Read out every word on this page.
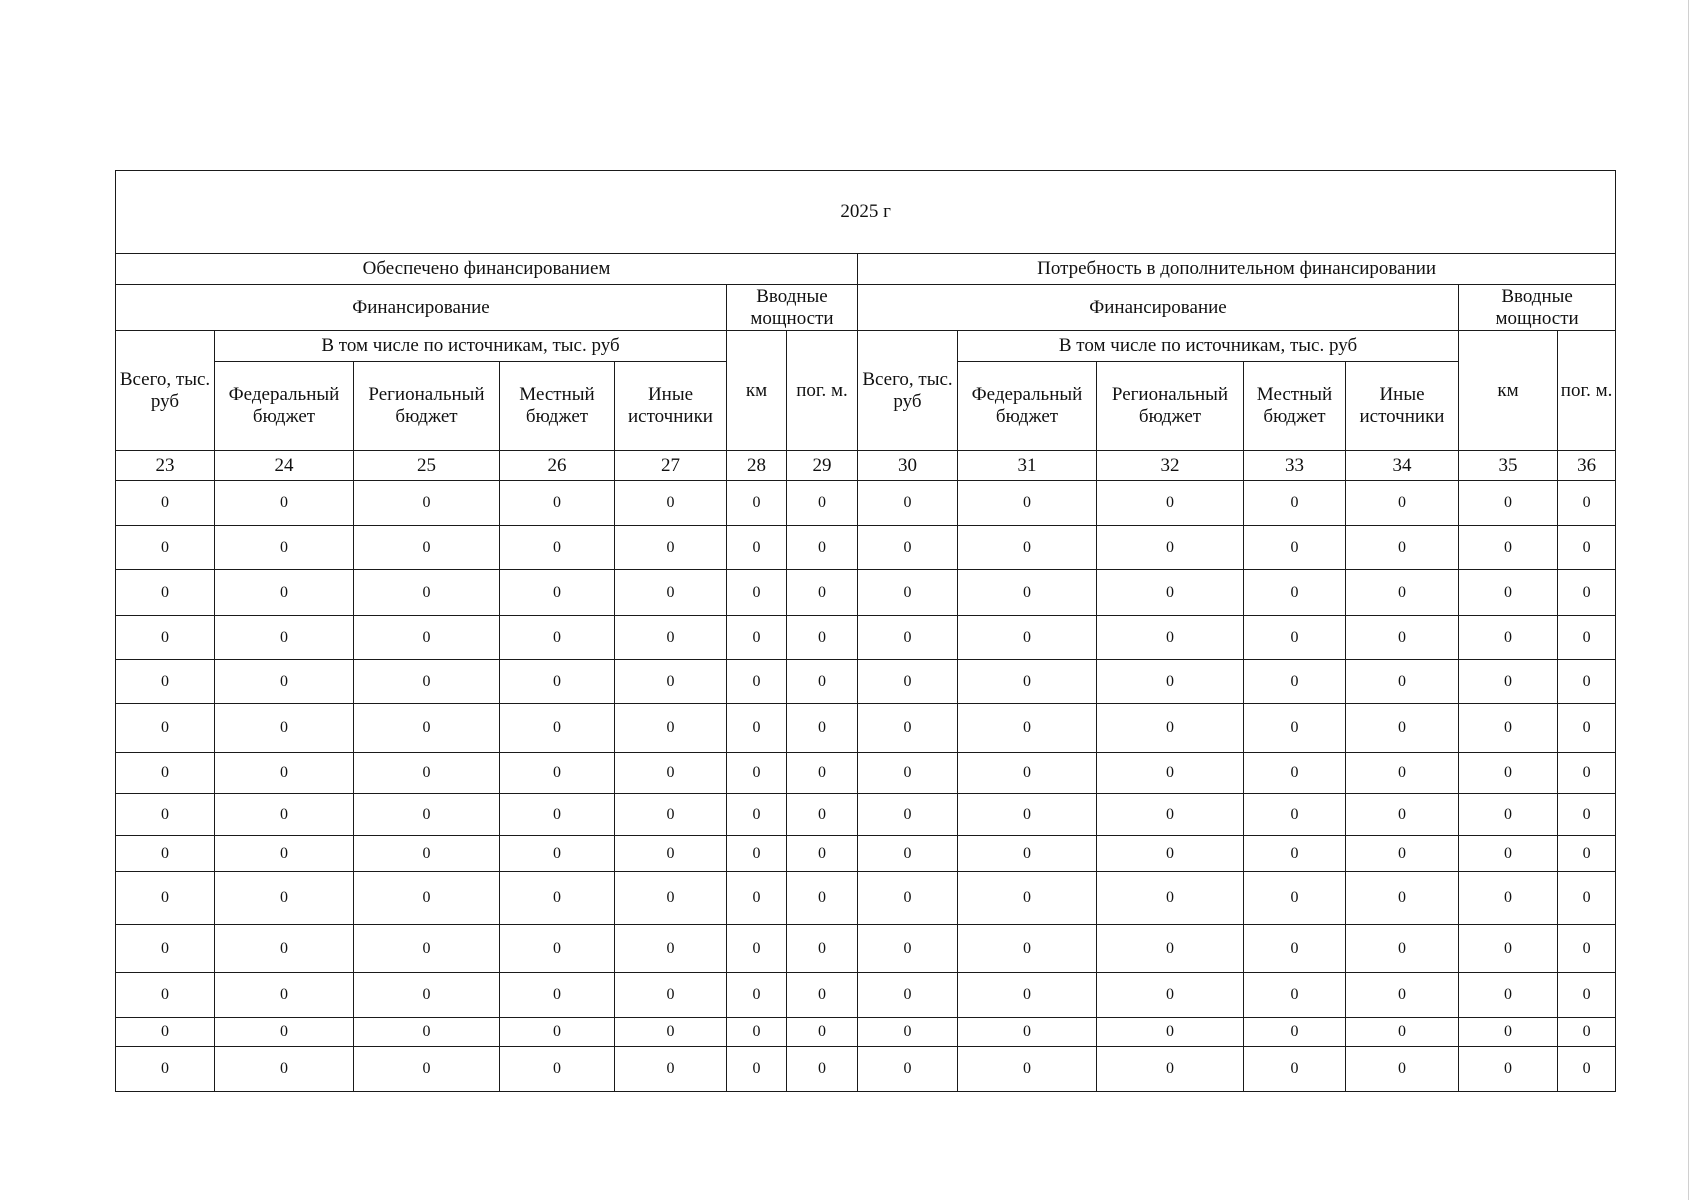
2025 г													
Обеспечено финансированием							Потребность в дополнительном финансировании						
Финансирование					Вводные мощности		Финансирование					Вводные мощности	
Всего, тыс. руб	В том числе по источникам, тыс. руб				км	пог. м.	Всего, тыс. руб	В том числе по источникам, тыс. руб				км	пог. м.
	Федеральный бюджет	Региональный бюджет	Местный бюджет	Иные источники				Федеральный бюджет	Региональный бюджет	Местный бюджет	Иные источники		
23	24	25	26	27	28	29	30	31	32	33	34	35	36
0	0	0	0	0	0	0	0	0	0	0	0	0	0
0	0	0	0	0	0	0	0	0	0	0	0	0	0
0	0	0	0	0	0	0	0	0	0	0	0	0	0
0	0	0	0	0	0	0	0	0	0	0	0	0	0
0	0	0	0	0	0	0	0	0	0	0	0	0	0
0	0	0	0	0	0	0	0	0	0	0	0	0	0
0	0	0	0	0	0	0	0	0	0	0	0	0	0
0	0	0	0	0	0	0	0	0	0	0	0	0	0
0	0	0	0	0	0	0	0	0	0	0	0	0	0
0	0	0	0	0	0	0	0	0	0	0	0	0	0
0	0	0	0	0	0	0	0	0	0	0	0	0	0
0	0	0	0	0	0	0	0	0	0	0	0	0	0
0	0	0	0	0	0	0	0	0	0	0	0	0	0
0	0	0	0	0	0	0	0	0	0	0	0	0	0
